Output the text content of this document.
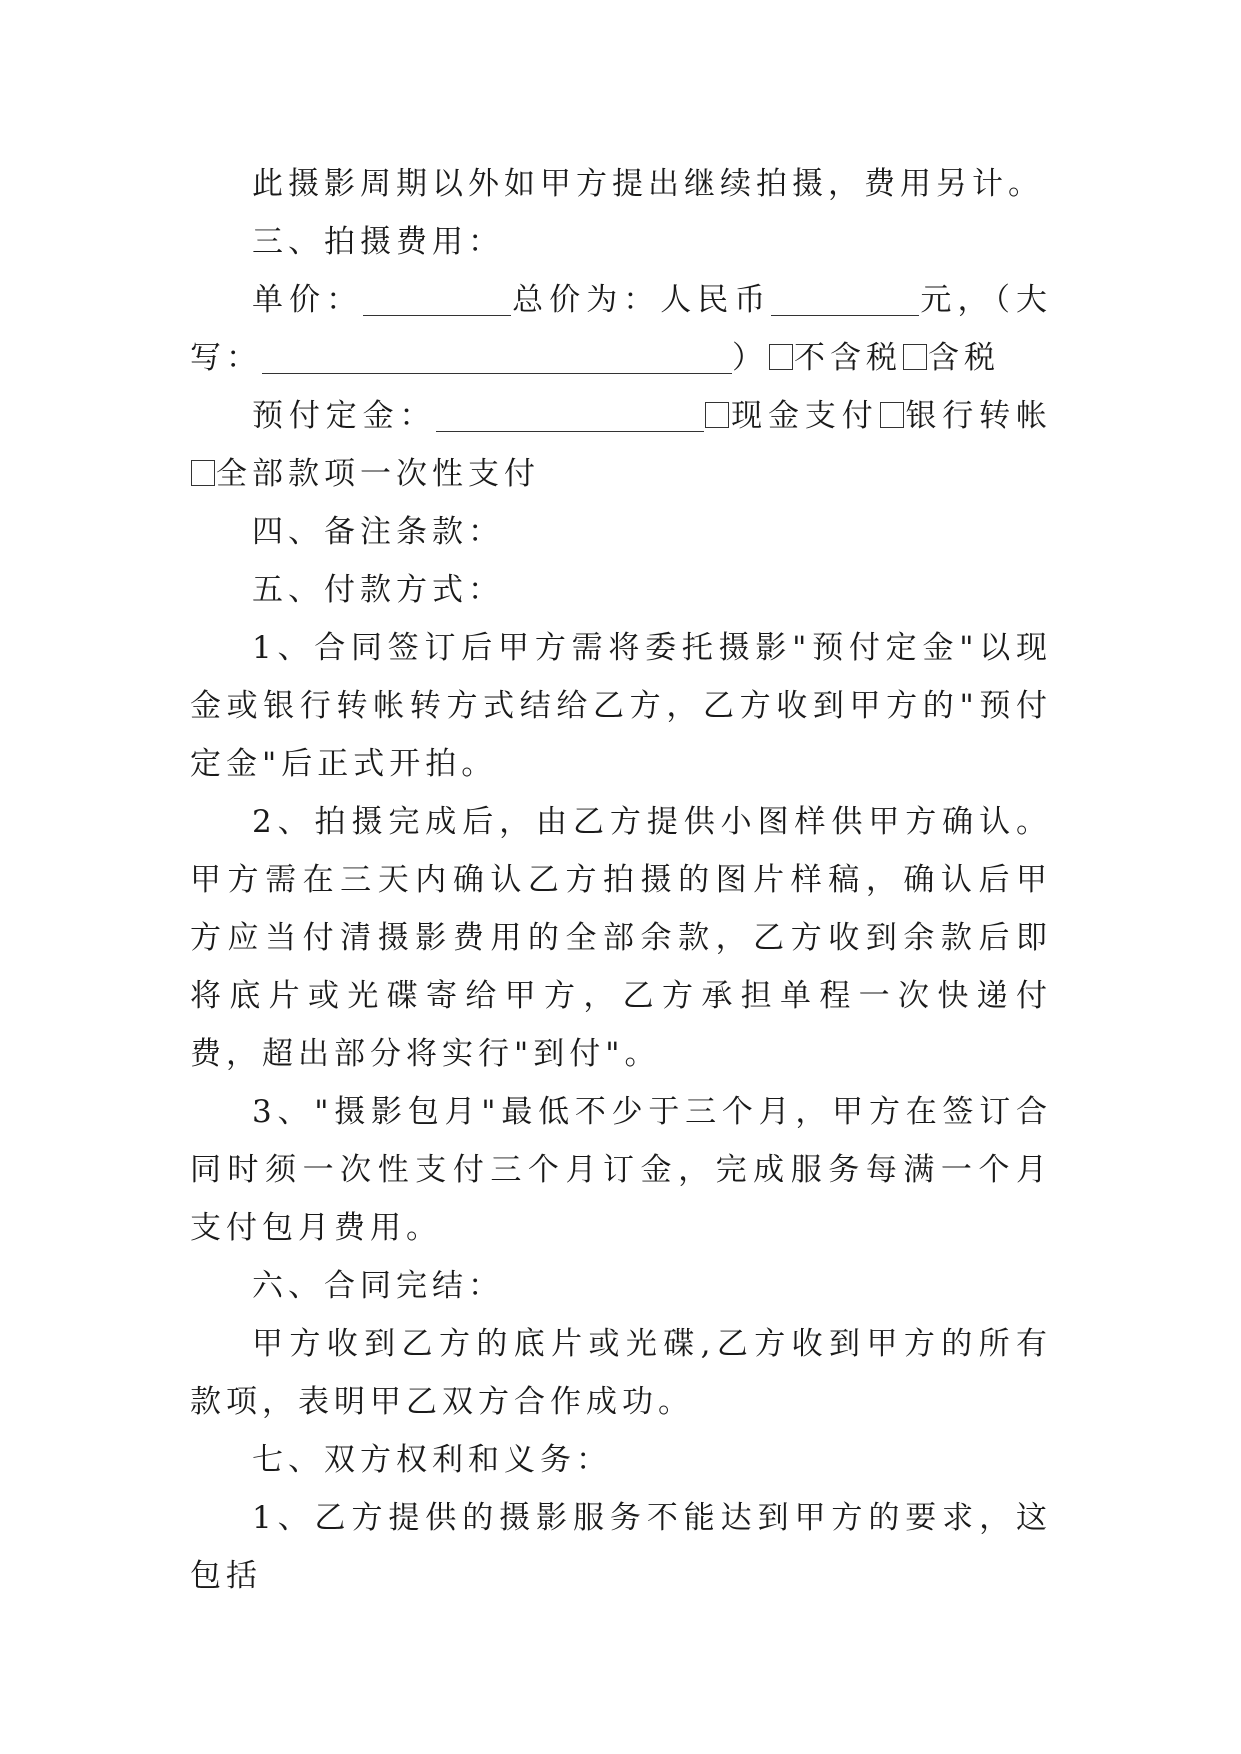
此摄影周期以外如甲方提出继续拍摄，费用另计。

三、拍摄费用：

单价：	总价为：人民币	元，（大写：	） 不含税 含税

预付定金：	现金支付 银行转帐全部款项一次性支付

四、备注条款：

五、付款方式：

1、合同签订后甲方需将委托摄影"预付定金"以现金或银行转帐转方式结给乙方，乙方收到甲方的"预付定金"后正式开拍。

2、拍摄完成后，由乙方提供小图样供甲方确认。甲方需在三天内确认乙方拍摄的图片样稿，确认后甲方应当付清摄影费用的全部余款，乙方收到余款后即将底片或光碟寄给甲方，乙方承担单程一次快递付费，超出部分将实行"到付"。

3、"摄影包月"最低不少于三个月，甲方在签订合同时须一次性支付三个月订金，完成服务每满一个月支付包月费用。

六、合同完结：

甲方收到乙方的底片或光碟,乙方收到甲方的所有款项，表明甲乙双方合作成功。

七、双方权利和义务：

1、乙方提供的摄影服务不能达到甲方的要求，这包括
